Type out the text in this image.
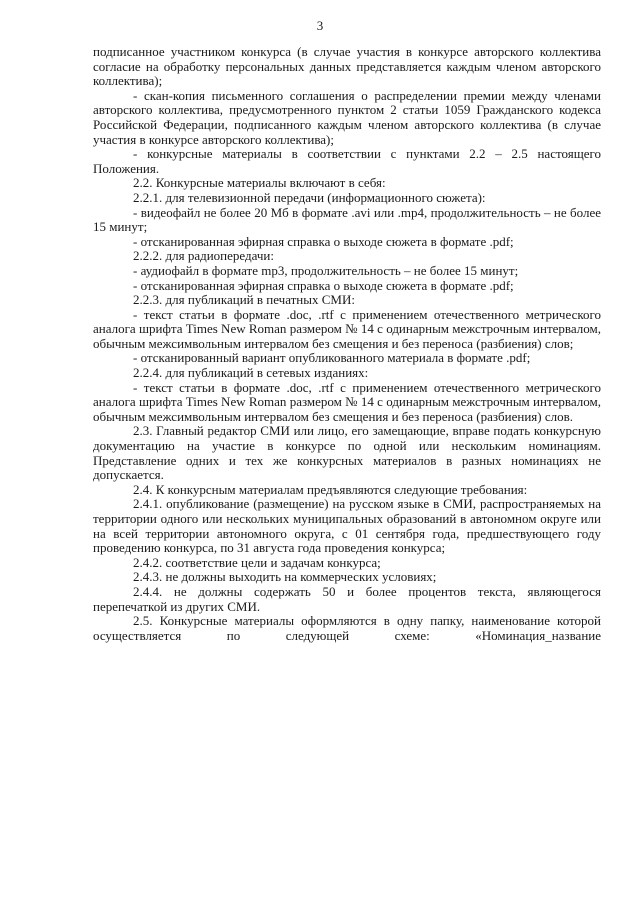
3

подписанное участником конкурса (в случае участия в конкурсе авторского коллектива согласие на обработку персональных данных представляется каждым членом авторского коллектива);

- скан-копия письменного соглашения о распределении премии между членами авторского коллектива, предусмотренного пунктом 2 статьи 1059 Гражданского кодекса Российской Федерации, подписанного каждым членом авторского коллектива (в случае участия в конкурсе авторского коллектива);

- конкурсные материалы в соответствии с пунктами 2.2 – 2.5 настоящего Положения.

2.2. Конкурсные материалы включают в себя:

2.2.1. для телевизионной передачи (информационного сюжета):

- видеофайл не более 20 Мб в формате .avi или .mp4, продолжительность – не более 15 минут;

- отсканированная эфирная справка о выходе сюжета в формате .pdf;

2.2.2. для радиопередачи:

- аудиофайл в формате mp3, продолжительность – не более 15 минут;

- отсканированная эфирная справка о выходе сюжета в формате .pdf;

2.2.3. для публикаций в печатных СМИ:

- текст статьи в формате .doc, .rtf с применением отечественного метрического аналога шрифта Times New Roman размером № 14 с одинарным межстрочным интервалом, обычным межсимвольным интервалом без смещения и без переноса (разбиения) слов;

- отсканированный вариант опубликованного материала в формате .pdf;

2.2.4. для публикаций в сетевых изданиях:

- текст статьи в формате .doc, .rtf с применением отечественного метрического аналога шрифта Times New Roman размером № 14 с одинарным межстрочным интервалом, обычным межсимвольным интервалом без смещения и без переноса (разбиения) слов.

2.3. Главный редактор СМИ или лицо, его замещающие, вправе подать конкурсную документацию на участие в конкурсе по одной или нескольким номинациям. Представление одних и тех же конкурсных материалов в разных номинациях не допускается.

2.4. К конкурсным материалам предъявляются следующие требования:

2.4.1. опубликование (размещение) на русском языке в СМИ, распространяемых на территории одного или нескольких муниципальных образований в автономном округе или на всей территории автономного округа, с 01 сентября года, предшествующего году проведению конкурса, по 31 августа года проведения конкурса;

2.4.2. соответствие цели и задачам конкурса;

2.4.3. не должны выходить на коммерческих условиях;

2.4.4. не должны содержать 50 и более процентов текста, являющегося перепечаткой из других СМИ.

2.5. Конкурсные материалы оформляются в одну папку, наименование которой осуществляется по следующей схеме: «Номинация_название
